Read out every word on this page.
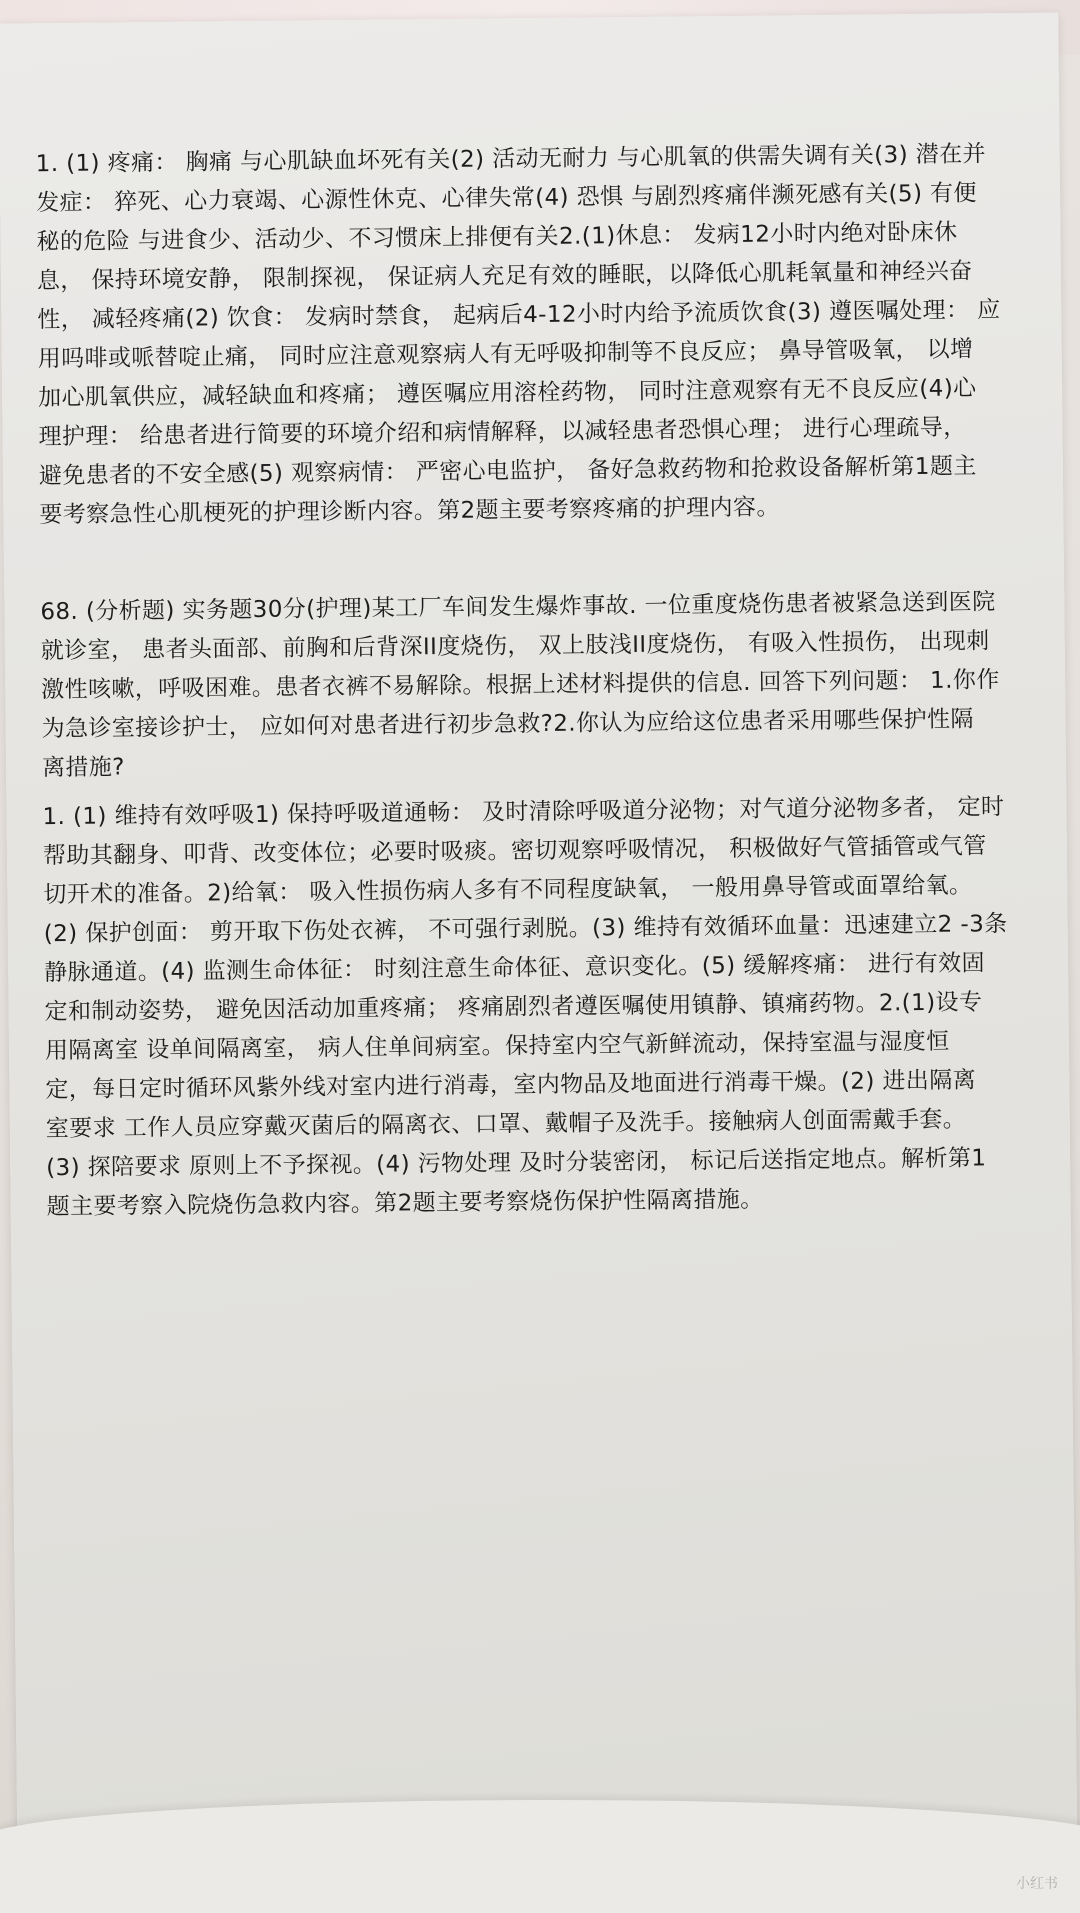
1. (1) 疼痛： 胸痛 与心肌缺血坏死有关(2) 活动无耐力 与心肌氧的供需失调有关(3) 潜在并
发症： 猝死、心力衰竭、心源性休克、心律失常(4) 恐惧 与剧烈疼痛伴濒死感有关(5) 有便
秘的危险 与进食少、活动少、不习惯床上排便有关2.(1)休息： 发病12小时内绝对卧床休
息， 保持环境安静， 限制探视， 保证病人充足有效的睡眠，以降低心肌耗氧量和神经兴奋
性， 减轻疼痛(2) 饮食： 发病时禁食， 起病后4-12小时内给予流质饮食(3) 遵医嘱处理： 应
用吗啡或哌替啶止痛， 同时应注意观察病人有无呼吸抑制等不良反应； 鼻导管吸氧， 以增
加心肌氧供应，减轻缺血和疼痛； 遵医嘱应用溶栓药物， 同时注意观察有无不良反应(4)心
理护理： 给患者进行简要的环境介绍和病情解释，以减轻患者恐惧心理； 进行心理疏导，
避免患者的不安全感(5) 观察病情： 严密心电监护， 备好急救药物和抢救设备解析第1题主
要考察急性心肌梗死的护理诊断内容。第2题主要考察疼痛的护理内容。
68. (分析题) 实务题30分(护理)某工厂车间发生爆炸事故. 一位重度烧伤患者被紧急送到医院
就诊室， 患者头面部、前胸和后背深II度烧伤， 双上肢浅II度烧伤， 有吸入性损伤， 出现刺
激性咳嗽，呼吸困难。患者衣裤不易解除。根据上述材料提供的信息. 回答下列问题： 1.你作
为急诊室接诊护士， 应如何对患者进行初步急救?2.你认为应给这位患者采用哪些保护性隔
离措施?
1. (1) 维持有效呼吸1) 保持呼吸道通畅： 及时清除呼吸道分泌物；对气道分泌物多者， 定时
帮助其翻身、叩背、改变体位；必要时吸痰。密切观察呼吸情况， 积极做好气管插管或气管
切开术的准备。2)给氧： 吸入性损伤病人多有不同程度缺氧， 一般用鼻导管或面罩给氧。
(2) 保护创面： 剪开取下伤处衣裤， 不可强行剥脱。(3) 维持有效循环血量：迅速建立2 -3条
静脉通道。(4) 监测生命体征： 时刻注意生命体征、意识变化。(5) 缓解疼痛： 进行有效固
定和制动姿势， 避免因活动加重疼痛； 疼痛剧烈者遵医嘱使用镇静、镇痛药物。2.(1)设专
用隔离室 设单间隔离室， 病人住单间病室。保持室内空气新鲜流动，保持室温与湿度恒
定，每日定时循环风紫外线对室内进行消毒，室内物品及地面进行消毒干燥。(2) 进出隔离
室要求 工作人员应穿戴灭菌后的隔离衣、口罩、戴帽子及洗手。接触病人创面需戴手套。
(3) 探陪要求 原则上不予探视。(4) 污物处理 及时分装密闭， 标记后送指定地点。解析第1
题主要考察入院烧伤急救内容。第2题主要考察烧伤保护性隔离措施。
小红书
